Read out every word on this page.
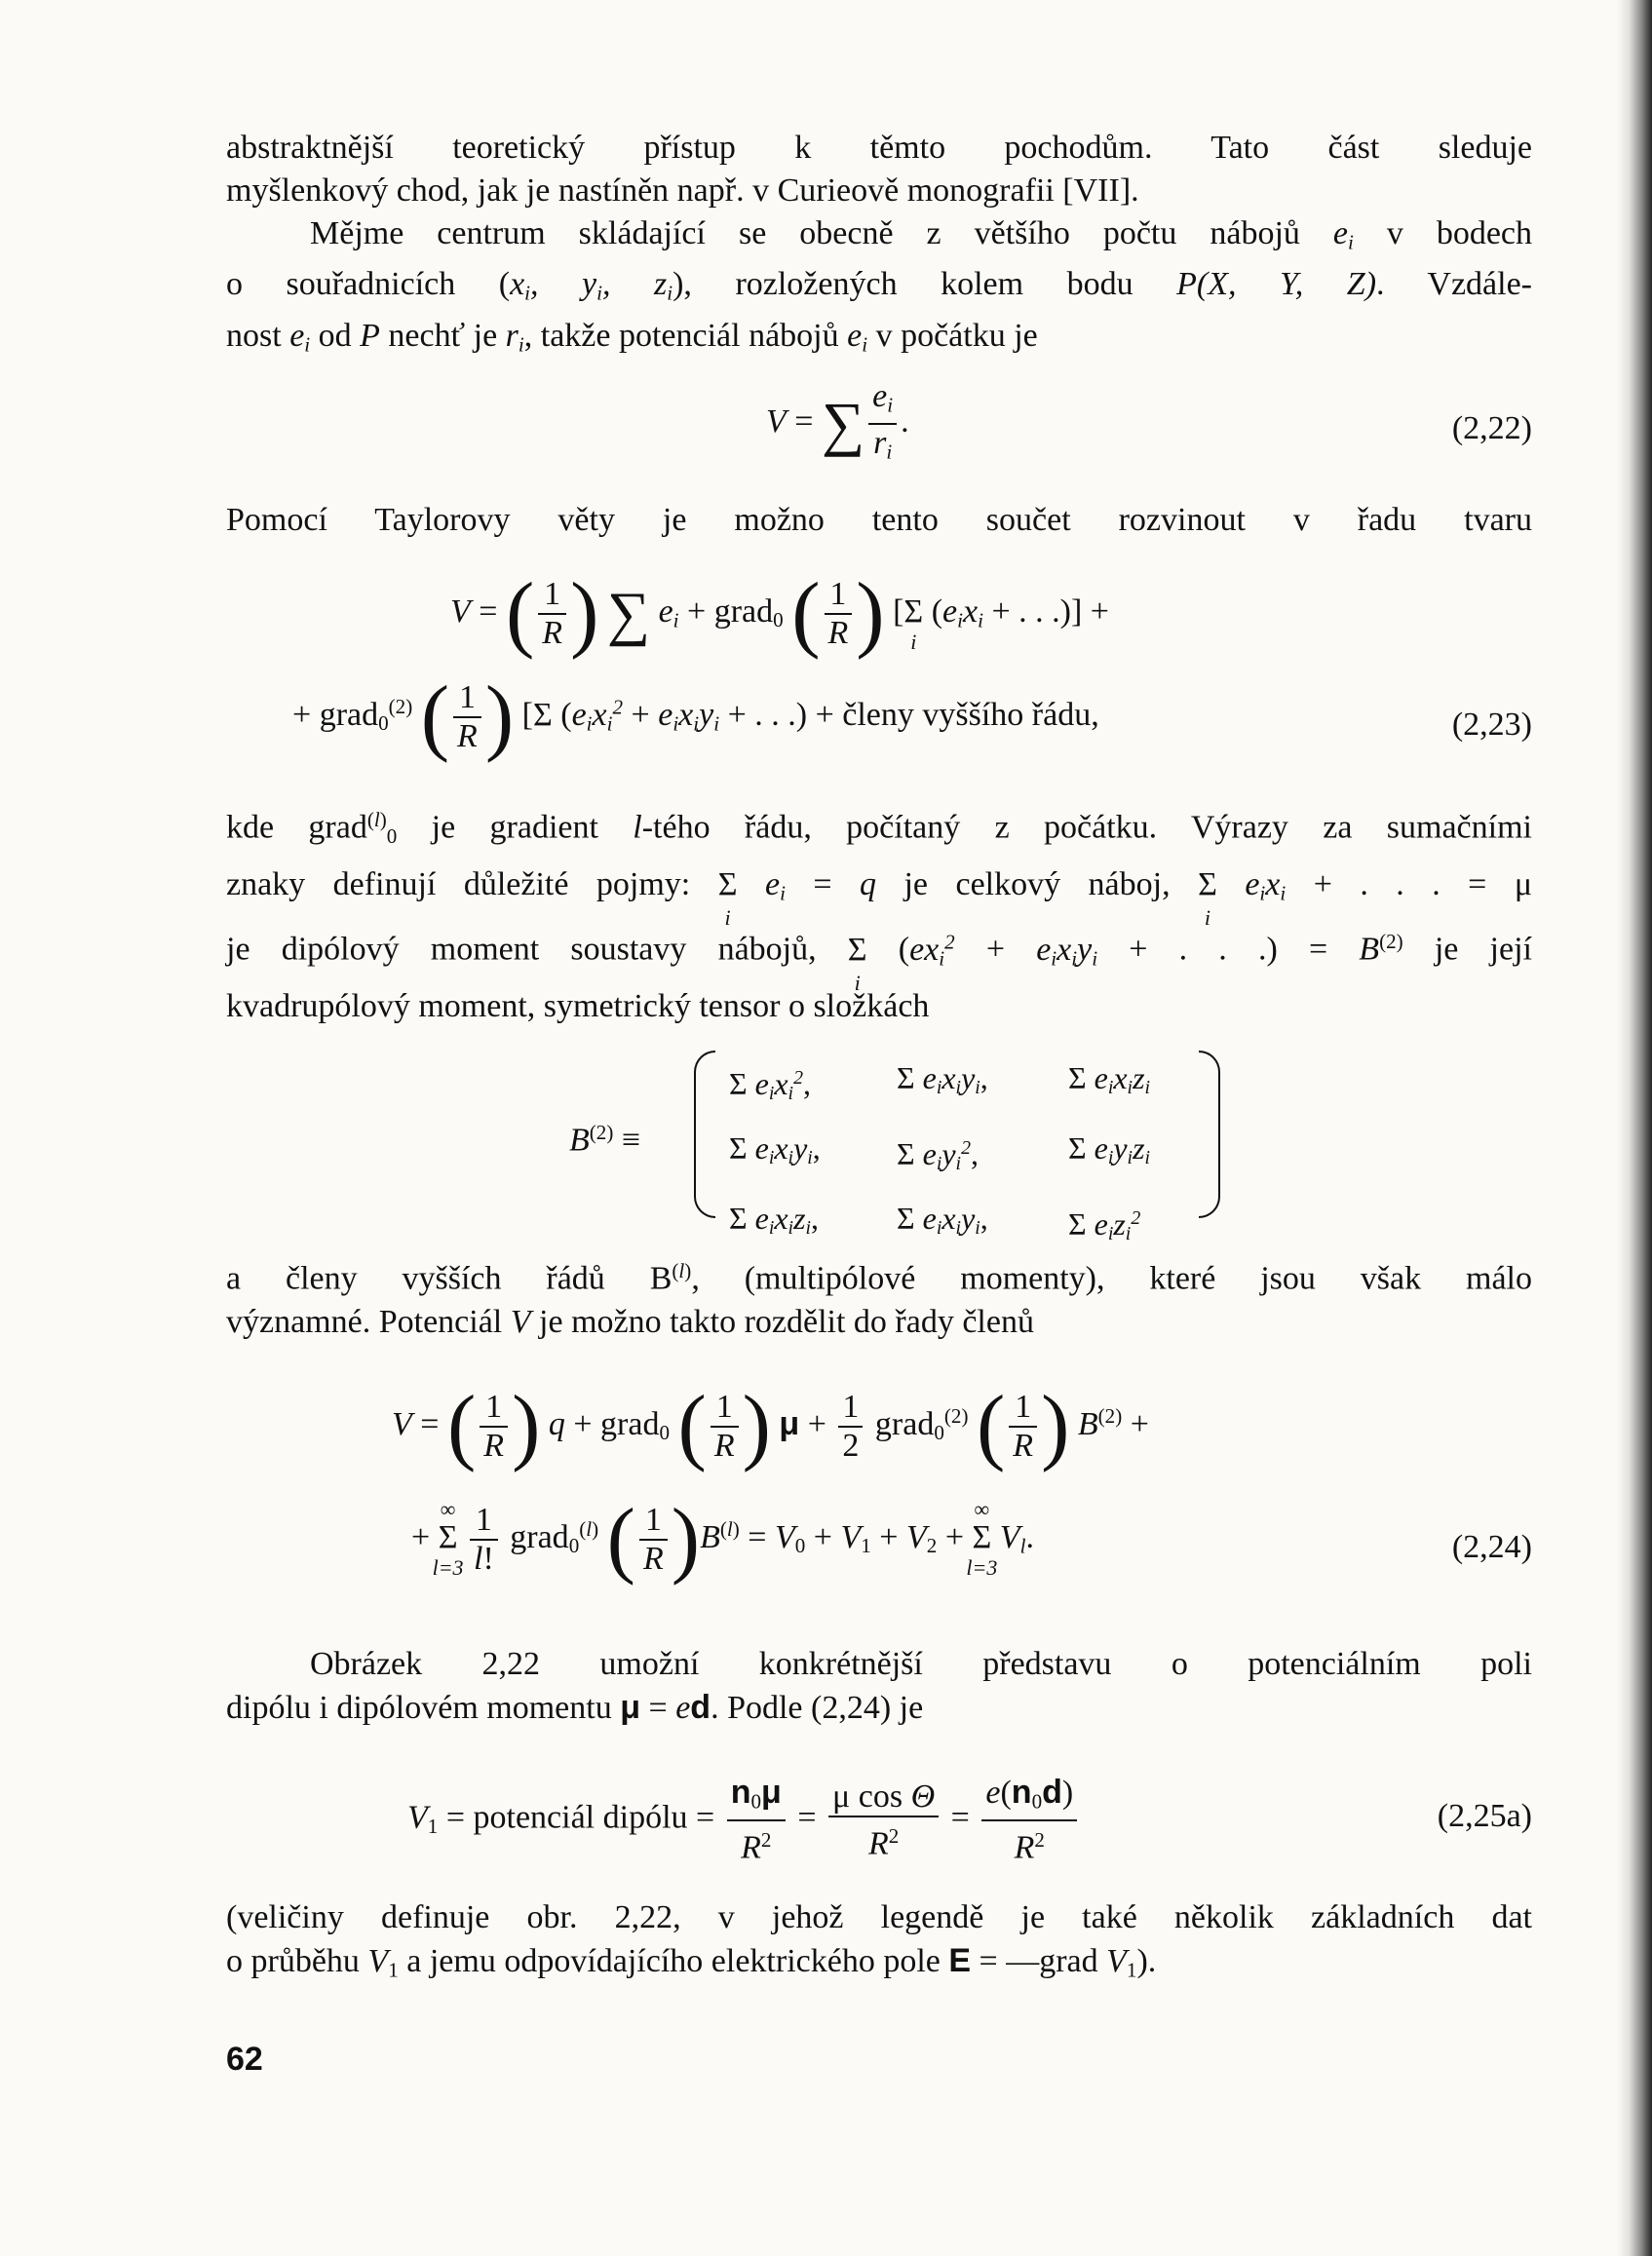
abstraktnější teoretický přístup k těmto pochodům. Tato část sleduje
myšlenkový chod, jak je nastíněn např. v Curieově monografii [VII].
Mějme centrum skládající se obecně z většího počtu nábojů $e_i$ v bodech
o souřadnicích ($x_i$, $y_i$, $z_i$), rozložených kolem bodu P(X, Y, Z). Vzdále-
nost $e_i$ od P nechť je $r_i$, takže potenciál nábojů $e_i$ v počátku je
V = ∑ $\frac{e_i}{r_i}$ .	(2,22)
Pomocí Taylorovy věty je možno tento součet rozvinout v řadu tvaru
V = ( $\frac{1}{R}$ ) ∑ $e_i$ + grad$_0$ ( $\frac{1}{R}$ ) [Σ
i
($e_ix_i$ + . . .)] +
+ grad$_0^{(2)}$ ( $\frac{1}{R}$ ) [Σ ($e_ix_i^2 + e_ix_iy_i$ + . . .) + členy vyššího řádu,	(2,23)
kde grad$^{(l)}_0$ je gradient l-tého řádu, počítaný z počátku. Výrazy za sumačními
znaky definují důležité pojmy: Σ
i
$e_i = q$ je celkový náboj, Σ
i
$e_ix_i$ + . . . = μ
je dipólový moment soustavy nábojů, Σ
i
($ex_i^2 + e_ix_iy_i$ + . . .) = $B^{(2)}$ je její
kvadrupólový moment, symetrický tensor o složkách
$B^{(2)}$ ≡
Σ $e_ix_i^2$,	Σ $e_ix_iy_i$,	Σ $e_ix_iz_i$
Σ $e_ix_iy_i$,	Σ $e_iy_i^2$,	Σ $e_iy_iz_i$
Σ $e_ix_iz_i$,	Σ $e_ix_iy_i$,	Σ $e_iz_i^2$
a členy vyšších řádů $B^{(l)}$, (multipólové momenty), které jsou však málo
významné. Potenciál V je možno takto rozdělit do řady členů
V = ( $\frac{1}{R}$ ) q + grad$_0$ ( $\frac{1}{R}$ ) $\mu + \frac{1}{2}$ grad$_0^{(2)}$ ( $\frac{1}{R}$ ) $B^{(2)}$ +
+ Σ
∞
l=3
$\frac{1}{l!}$ grad$_0^{(l)}$ ( $\frac{1}{R} )B^{(l)} = V_0 + V_1 + V_2 + \Sigma$
∞
l=3
$V_l$.	(2,24)
Obrázek 2,22 umožní konkrétnější představu o potenciálním poli
dipólu i dipólovém momentu μ = ed. Podle (2,24) je
$V_1$ = potenciál dipólu = $\frac{n_0\mu}{R^2} = \frac{\text{μ cos Θ}}{R^2} = \frac{e(n_0d)}{R^2}$	(2,25a)
(veličiny definuje obr. 2,22, v jehož legendě je také několik základních dat
o průběhu $V_1$ a jemu odpovídajícího elektrického pole E = —grad $V_1$).
62
